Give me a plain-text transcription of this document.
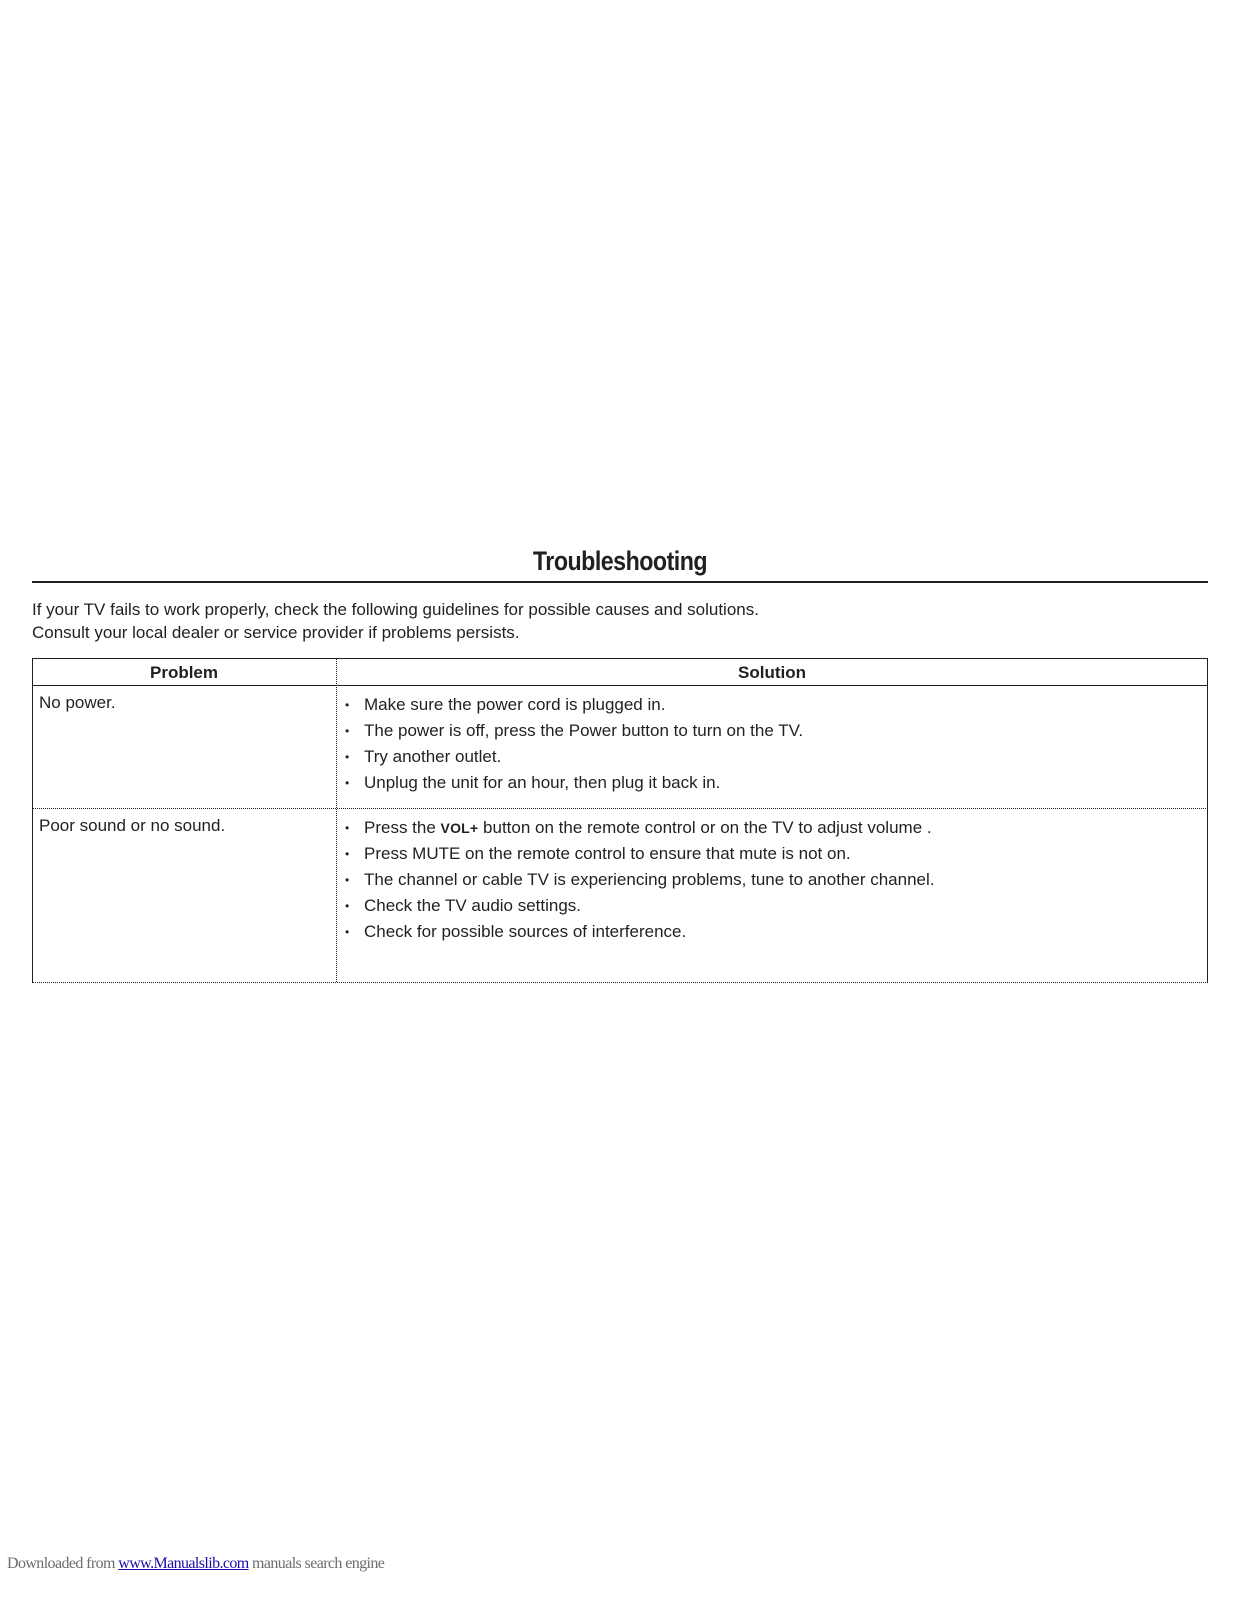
Troubleshooting

If your TV fails to work properly, check the following guidelines for possible causes and solutions.

Consult your local dealer or service provider if problems persists.

Problem	Solution
No power.	• Make sure the power cord is plugged in.
• The power is off, press the Power button to turn on the TV.
• Try another outlet.
• Unplug the unit for an hour, then plug it back in.
Poor sound or no sound.	• Press the VOL+ button on the remote control or on the TV to adjust volume .
• Press MUTE on the remote control to ensure that mute is not on.
• The channel or cable TV is experiencing problems, tune to another channel.
• Check the TV audio settings.
• Check for possible sources of interference.
Downloaded from www.Manualslib.com manuals search engine
